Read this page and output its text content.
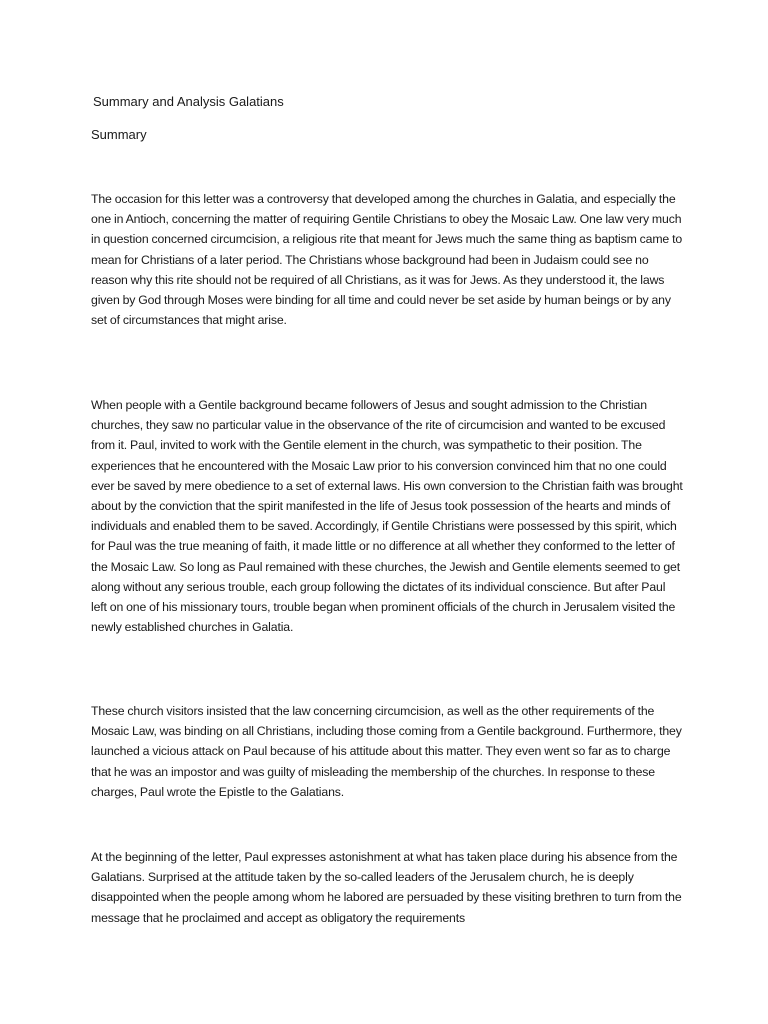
Summary and Analysis Galatians
Summary

The occasion for this letter was a controversy that developed among the churches in Galatia, and especially the one in Antioch, concerning the matter of requiring Gentile Christians to obey the Mosaic Law. One law very much in question concerned circumcision, a religious rite that meant for Jews much the same thing as baptism came to mean for Christians of a later period. The Christians whose background had been in Judaism could see no reason why this rite should not be required of all Christians, as it was for Jews. As they understood it, the laws given by God through Moses were binding for all time and could never be set aside by human beings or by any set of circumstances that might arise.

When people with a Gentile background became followers of Jesus and sought admission to the Christian churches, they saw no particular value in the observance of the rite of circumcision and wanted to be excused from it. Paul, invited to work with the Gentile element in the church, was sympathetic to their position. The experiences that he encountered with the Mosaic Law prior to his conversion convinced him that no one could ever be saved by mere obedience to a set of external laws. His own conversion to the Christian faith was brought about by the conviction that the spirit manifested in the life of Jesus took possession of the hearts and minds of individuals and enabled them to be saved. Accordingly, if Gentile Christians were possessed by this spirit, which for Paul was the true meaning of faith, it made little or no difference at all whether they conformed to the letter of the Mosaic Law. So long as Paul remained with these churches, the Jewish and Gentile elements seemed to get along without any serious trouble, each group following the dictates of its individual conscience. But after Paul left on one of his missionary tours, trouble began when prominent officials of the church in Jerusalem visited the newly established churches in Galatia.

These church visitors insisted that the law concerning circumcision, as well as the other requirements of the Mosaic Law, was binding on all Christians, including those coming from a Gentile background. Furthermore, they launched a vicious attack on Paul because of his attitude about this matter. They even went so far as to charge that he was an impostor and was guilty of misleading the membership of the churches. In response to these charges, Paul wrote the Epistle to the Galatians.

At the beginning of the letter, Paul expresses astonishment at what has taken place during his absence from the Galatians. Surprised at the attitude taken by the so-called leaders of the Jerusalem church, he is deeply disappointed when the people among whom he labored are persuaded by these visiting brethren to turn from the message that he proclaimed and accept as obligatory the requirements
